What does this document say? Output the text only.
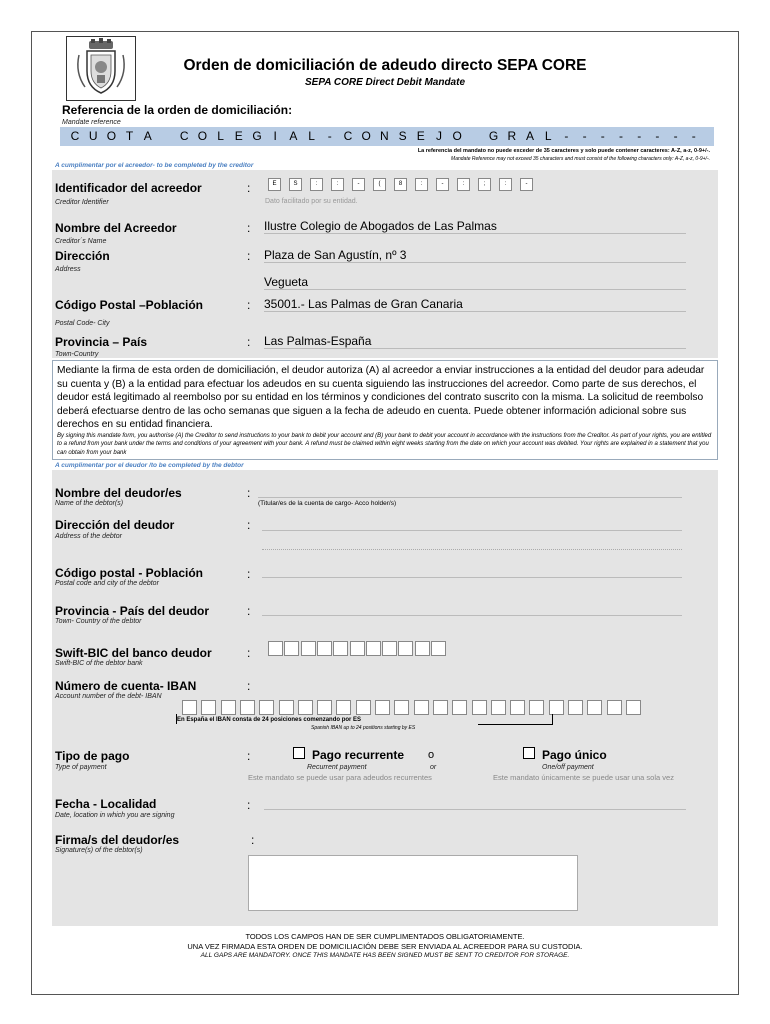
Orden de domiciliación de adeudo directo SEPA CORE
SEPA CORE Direct Debit Mandate
Referencia de la orden de domiciliación:
Mandate reference
C U O T A C O L E G I	A L	- C O N S E J O G R A L	-	-	-	-	-	-	-	-
La referencia del mandato no puede exceder de 35 caracteres y solo puede contener caracteres: A-Z, a-z, 0-9+/-.
Mandate Reference may not exceed 35 characters and must consist of the following characters only: A-Z, a-z, 0-9+/-.
A cumplimentar por el acreedor- to be completed by the creditor
Identificador del acreedor
Creditor Identifier
:	E	S	:	:	-	(	8	:	-	:	;	:	-
Dato facilitado por su entidad.
Nombre del Acreedor
Creditor´s Name
: Ilustre Colegio de Abogados de Las Palmas
Dirección
Address
: Plaza de San Agustín, nº 3
Vegueta
Código Postal –Población
Postal Code- City
: 35001.- Las Palmas de Gran Canaria
Provincia – País
Town-Country
: Las Palmas-España
Mediante la firma de esta orden de domiciliación, el deudor autoriza (A) al acreedor a enviar instrucciones a la entidad del deudor para adeudar su cuenta y (B) a la entidad para efectuar los adeudos en su cuenta siguiendo las instrucciones del acreedor. Como parte de sus derechos, el deudor está legitimado al reembolso por su entidad en los términos y condiciones del contrato suscrito con la misma. La solicitud de reembolso deberá efectuarse dentro de las ocho semanas que siguen a la fecha de adeudo en cuenta. Puede obtener información adicional sobre sus derechos en su entidad financiera.
By signing this mandate form, you authorise (A) the Creditor to send instructions to your bank to debit your account and (B) your bank to debit your account in accordance with the instructions from the Creditor. As part of your rights, you are entitled to a refund from your bank under the terms and conditions of your agreement with your bank. A refund must be claimed within eight weeks starting from the date on which your account was debited. Your rights are explained in a statement that you can obtain from your bank
A cumplimentar por el deudor /to be completed by the debtor
Nombre del deudor/es
Name of the debtor(s)
:
(Titular/es de la cuenta de cargo- Acco holder/s)
Dirección del deudor
Address of the debtor
:
Código postal - Población
Postal code and city of the debtor
:
Provincia - País del deudor
Town- Country of the debtor
:
Swift-BIC del banco deudor
Swift-BIC of the debtor bank
:
Número de cuenta- IBAN
Account number of the debt- IBAN
:
En España el IBAN consta de 24 posiciones comenzando por ES
Spanish IBAN up to 24 positions starting by ES
Tipo de pago
Type of payment
:	Pago recurrente
Recurrent payment
Este mandato se puede usar para adeudos recurrentes
o
or
Pago único
One/off payment
Este mandato únicamente se puede usar una sola vez
Fecha - Localidad
Date, location in which you are signing
:
Firma/s del deudor/es
Signature(s) of the debtor(s)
:
TODOS LOS CAMPOS HAN DE SER CUMPLIMENTADOS OBLIGATORIAMENTE.
UNA VEZ FIRMADA ESTA ORDEN DE DOMICILIACIÓN DEBE SER ENVIADA AL ACREEDOR PARA SU CUSTODIA.
ALL GAPS ARE MANDATORY. ONCE THIS MANDATE HAS BEEN SIGNED MUST BE SENT TO CREDITOR FOR STORAGE.
